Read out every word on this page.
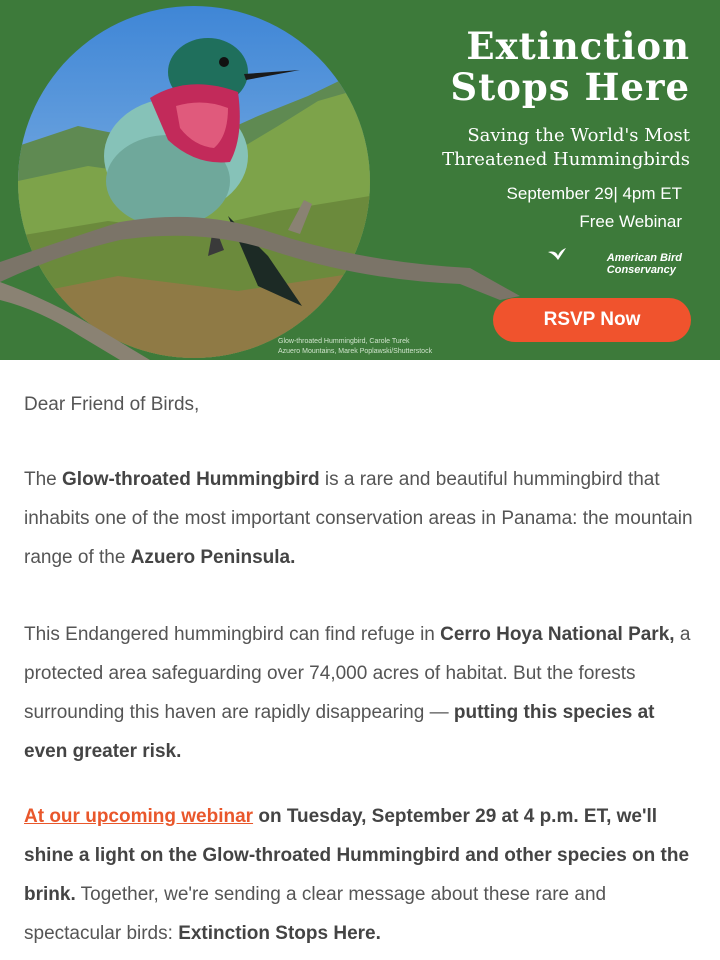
Glow-throated Hummingbird, Carole Turek
Azuero Mountains, Marek Poplawski/Shutterstock
Extinction
Stops Here
Saving the World's Most
Threatened Hummingbirds
September 29| 4pm ET
Free Webinar
American Bird
Conservancy
RSVP Now

Dear Friend of Birds,

The Glow-throated Hummingbird is a rare and beautiful hummingbird that inhabits one of the most important conservation areas in Panama: the mountain range of the Azuero Peninsula.

This Endangered hummingbird can find refuge in Cerro Hoya National Park, a protected area safeguarding over 74,000 acres of habitat. But the forests surrounding this haven are rapidly disappearing — putting this species at even greater risk.

At our upcoming webinar on Tuesday, September 29 at 4 p.m. ET, we'll shine a light on the Glow-throated Hummingbird and other species on the brink. Together, we're sending a clear message about these rare and spectacular birds: Extinction Stops Here.
